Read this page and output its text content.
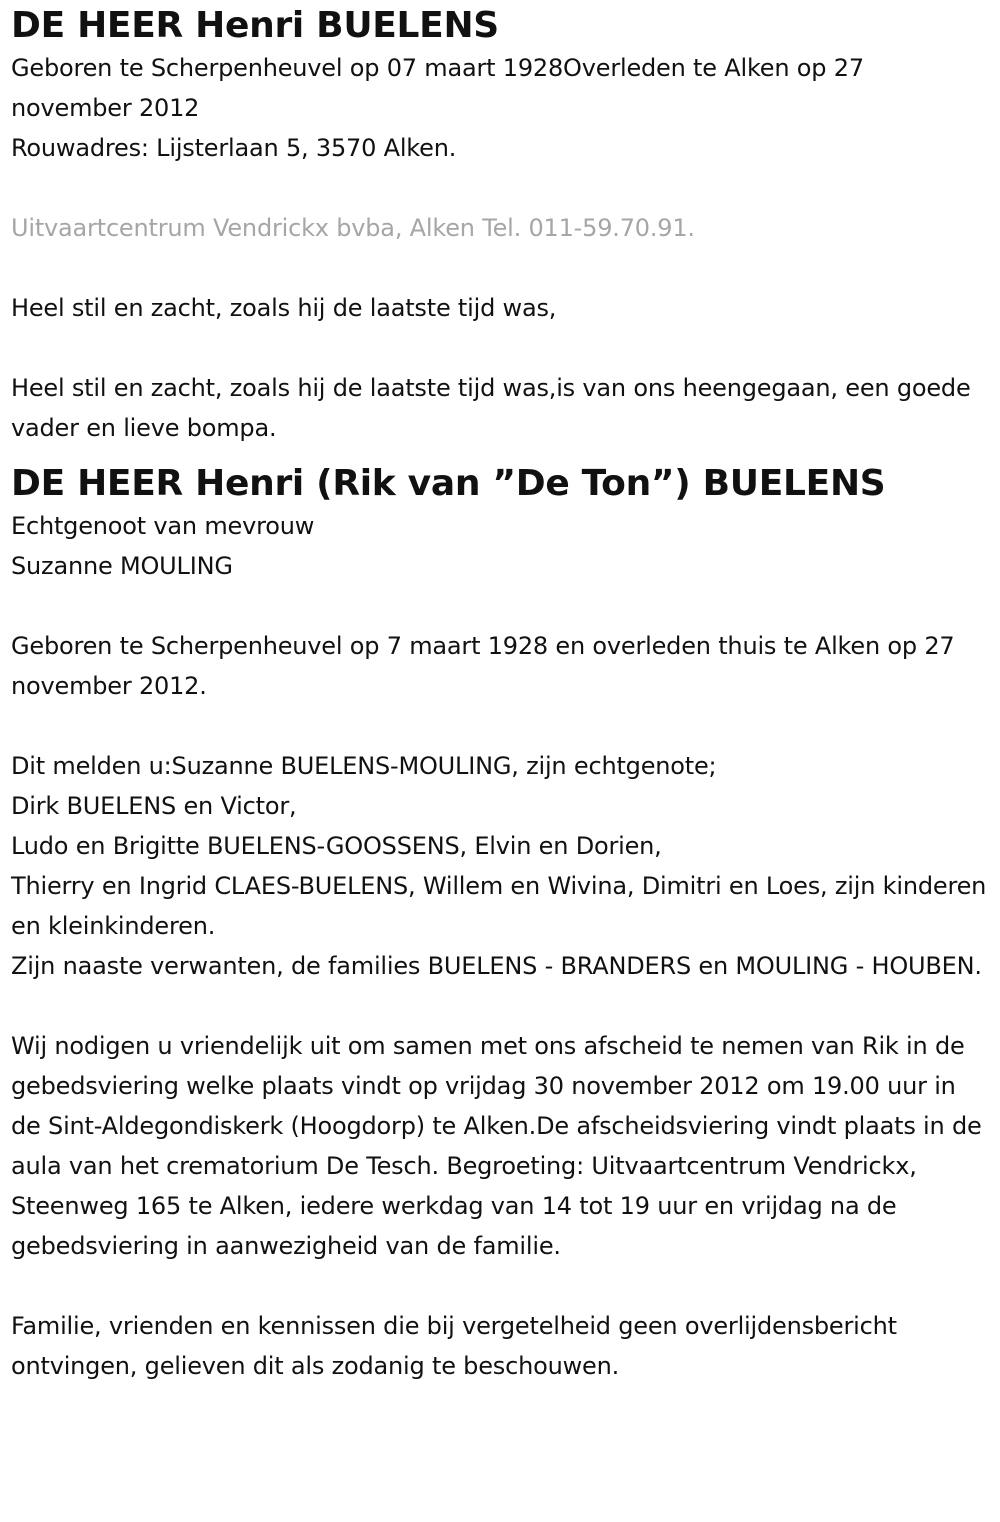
DE HEER Henri BUELENS

Geboren te Scherpenheuvel op 07 maart 1928Overleden te Alken op 27 november 2012

Rouwadres: Lijsterlaan 5, 3570 Alken.

Uitvaartcentrum Vendrickx bvba, Alken Tel. 011-59.70.91.

Heel stil en zacht, zoals hij de laatste tijd was,

Heel stil en zacht, zoals hij de laatste tijd was,is van ons heengegaan, een goede vader en lieve bompa.

DE HEER Henri (Rik van ”De Ton”) BUELENS

Echtgenoot van mevrouw

Suzanne MOULING

Geboren te Scherpenheuvel op 7 maart 1928 en overleden thuis te Alken op 27 november 2012.

Dit melden u:Suzanne BUELENS-MOULING, zijn echtgenote;

Dirk BUELENS en Victor,

Ludo en Brigitte BUELENS-GOOSSENS, Elvin en Dorien,

Thierry en Ingrid CLAES-BUELENS, Willem en Wivina, Dimitri en Loes, zijn kinderen en kleinkinderen.

Zijn naaste verwanten, de families BUELENS - BRANDERS en MOULING - HOUBEN.

Wij nodigen u vriendelijk uit om samen met ons afscheid te nemen van Rik in de gebedsviering welke plaats vindt op vrijdag 30 november 2012 om 19.00 uur in de Sint-Aldegondiskerk (Hoogdorp) te Alken.De afscheidsviering vindt plaats in de aula van het crematorium De Tesch. Begroeting: Uitvaartcentrum Vendrickx, Steenweg 165 te Alken, iedere werkdag van 14 tot 19 uur en vrijdag na de gebedsviering in aanwezigheid van de familie.

Familie, vrienden en kennissen die bij vergetelheid geen overlijdensbericht ontvingen, gelieven dit als zodanig te beschouwen.
